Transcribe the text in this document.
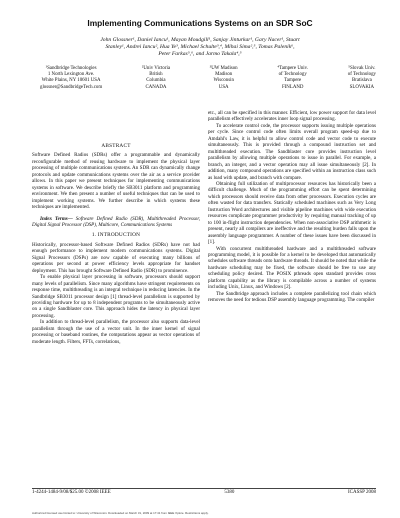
Implementing Communications Systems on an SDR SoC
John Glossner¹, Daniel Iancu¹, Mayan Moudgill¹, Sanjay Jinturkar¹, Gary Nacer¹, Stuart
Stanley¹, Andrei Iancu², Hua Ye³, Michael Schulte³,⁴, Mihai Sima²,⁵, Tomas Palenik⁶,
Peter Farkas⁵,⁶, and Jarmo Takala⁴,⁵
¹Sandbridge Technologies
1 North Lexington Ave.
White Plains, NY 10601 USA
glossner@SandbridgeTech.com
²Univ Victoria
British
Columbia
CANADA
³UW Madison
Madison
Wisconsin
USA
⁴Tampere Univ.
of Technology
Tampere
FINLAND
⁵Slovak Univ.
of Technology
Bratislava
SLOVAKIA
ABSTRACT

Software Defined Radios (SDRs) offer a programmable and dynamically reconfigurable method of reusing hardware to implement the physical layer processing of multiple communications systems. An SDR can dynamically change protocols and update communications systems over the air as a service provider allows. In this paper we present techniques for implementing communications systems in software. We describe briefly the SB3011 platform and programming environment. We then present a number of useful techniques that can be used to implement working systems. We further describe in which systems these techniques are implemented.

Index Terms— Software Defined Radio (SDR), Multithreaded Processor, Digital Signal Processor (DSP), Multicore, Communications Systems

1. INTRODUCTION

Historically, processor-based Software Defined Radios (SDRs) have not had enough performance to implement modern communications systems. Digital Signal Processors (DSPs) are now capable of executing many billions of operations per second at power efficiency levels appropriate for handset deployment. This has brought Software Defined Radio (SDR) to prominence.

To enable physical layer processing in software, processors should support many levels of parallelism. Since many algorithms have stringent requirements on response time, multithreading is an integral technique in reducing latencies. In the Sandbridge SB3011 processor design [1] thread-level parallelism is supported by providing hardware for up to 8 independent programs to be simultaneously active on a single Sandblaster core. This approach hides the latency in physical layer processing.

In addition to thread-level parallelism, the processor also supports data-level parallelism through the use of a vector unit. In the inner kernel of signal processing or baseband routines, the computations appear as vector operations of moderate length. Filters, FFTs, correlations,

etc., all can be specified in this manner. Efficient, low power support for data level parallelism effectively accelerates inner loop signal processing.

To accelerate control code, the processor supports issuing multiple operations per cycle. Since control code often limits overall program speed-up due to Amdahl's Law, it is helpful to allow control code and vector code to execute simultaneously. This is provided through a compound instruction set and multithreaded execution. The Sandblaster core provides instruction level parallelism by allowing multiple operations to issue in parallel. For example, a branch, an integer, and a vector operation may all issue simultaneously [2]. In addition, many compound operations are specified within an instruction class such as load with update, and branch with compare.

Obtaining full utilization of multiprocessor resources has historically been a difficult challenge. Much of the programming effort can be spent determining which processors should receive data from other processors. Execution cycles are often wasted for data transfers. Statically scheduled machines such as Very Long Instruction Word architectures and visible pipeline machines with wide execution resources complicate programmer productivity by requiring manual tracking of up to 100 in-flight instruction dependencies. When non-associative DSP arithmetic is present, nearly all compilers are ineffective and the resulting burden falls upon the assembly language programmer. A number of these issues have been discussed in [1].

With concurrent multithreaded hardware and a multithreaded software programming model, it is possible for a kernel to be developed that automatically schedules software threads onto hardware threads. It should be noted that while the hardware scheduling may be fixed, the software should be free to use any scheduling policy desired. The POSIX pthreads open standard provides cross platform capability as the library is compilable across a number of systems including Unix, Linux, and Windows [2].

The Sandbridge approach includes a complete parallelizing tool chain which removes the need for tedious DSP assembly language programming. The compiler

1-4244-1484-9/08/$25.00 ©2008 IEEE	5380	ICASSP 2008
Authorized licensed use limited to: University of Wisconsin. Downloaded on March 31, 2009 at 17:41 from IEEE Xplore. Restrictions apply.
